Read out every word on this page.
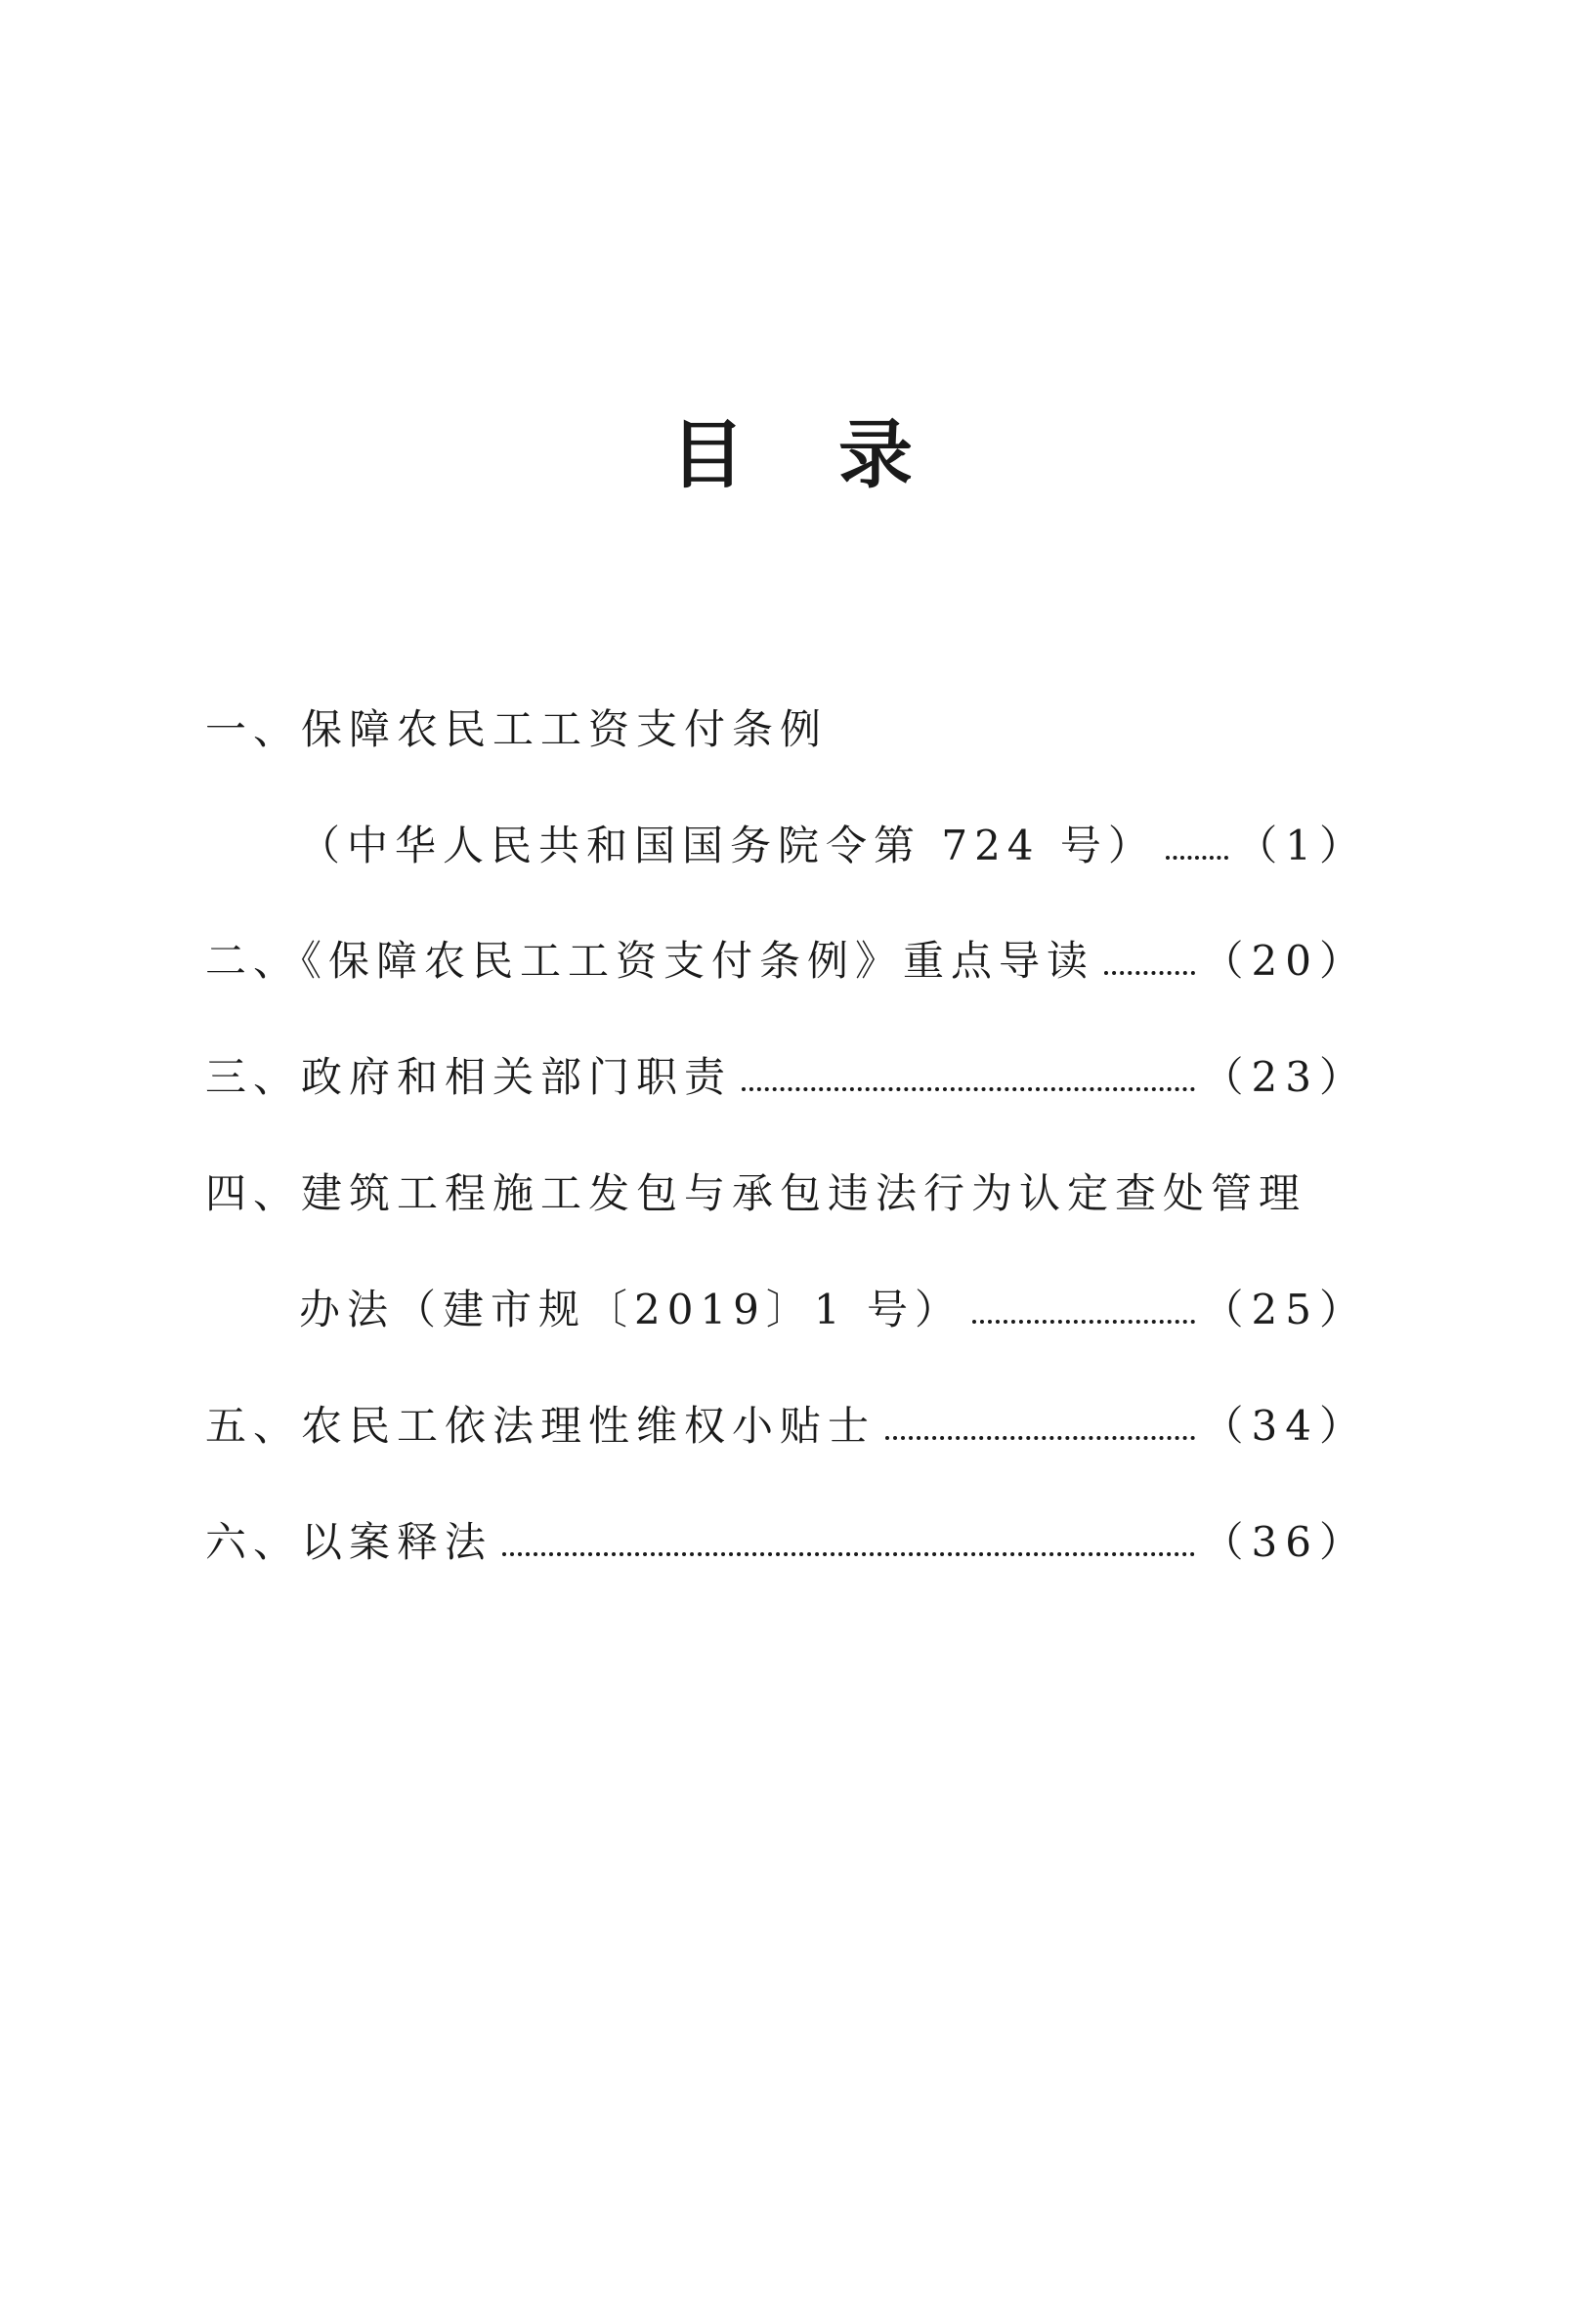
目 录
一、保障农民工工资支付条例
（中华人民共和国国务院令第 724 号） （1）
二、《保障农民工工资支付条例》重点导读	（20）
三、政府和相关部门职责	（23）
四、建筑工程施工发包与承包违法行为认定查处管理
办法（建市规〔2019〕1 号）	（25）
五、农民工依法理性维权小贴士	（34）
六、以案释法	（36）
